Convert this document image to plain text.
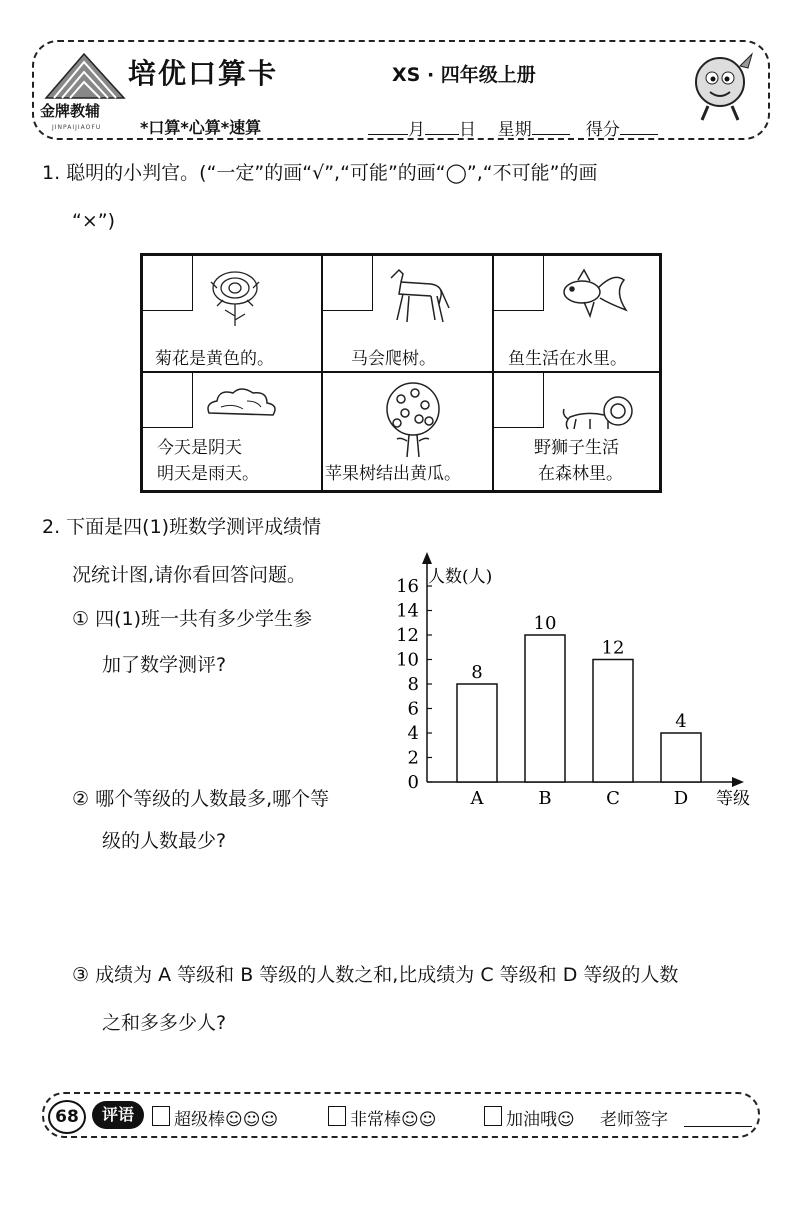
金牌教辅
JINPAIJIAOFU
培优口算卡	XS · 四年级上册
*口算*心算*速算	月 日 星期	得分
1. 聪明的小判官。(“一定”的画“√”,“可能”的画“◯”,“不可能”的画
“×”)
菊花是黄色的。	马会爬树。	鱼生活在水里。
今天是阴天
明天是雨天。	苹果树结出黄瓜。
野狮子生活
在森林里。
2. 下面是四(1)班数学测评成绩情
况统计图,请你看回答问题。
① 四(1)班一共有多少学生参
加了数学测评?
② 哪个等级的人数最多,哪个等
级的人数最少?
③ 成绩为 A 等级和 B 等级的人数之和,比成绩为 C 等级和 D 等级的人数
之和多多少人?
人数(人)
等级
0
2
4
6
8
10
12
14
16
8
A
10
B
12
C
4
D
68	评语	超级棒☺☺☺	非常棒☺☺	加油哦☺ 老师签字
